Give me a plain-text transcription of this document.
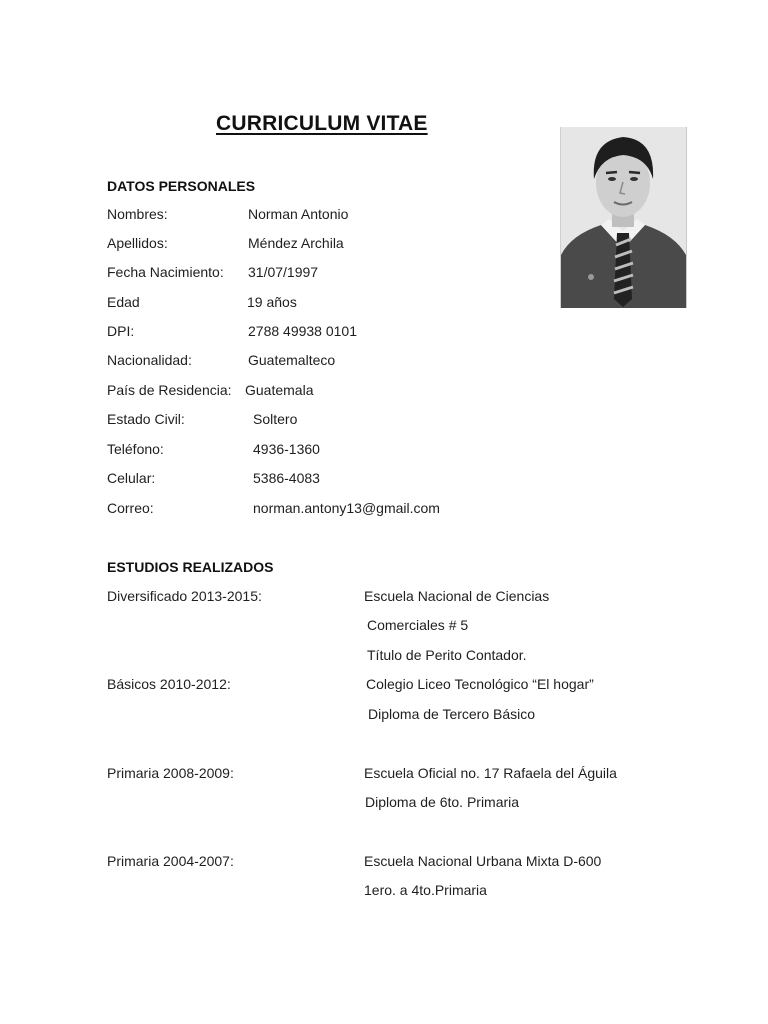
CURRICULUM VITAE
DATOS PERSONALES
Nombres:	Norman Antonio
Apellidos:	Méndez Archila
Fecha Nacimiento: 31/07/1997
Edad	19 años
DPI:	2788 49938 0101
Nacionalidad:	Guatemalteco
País de Residencia: Guatemala
Estado Civil:	Soltero
Teléfono:	4936-1360
Celular:	5386-4083
Correo:	norman.antony13@gmail.com
ESTUDIOS REALIZADOS
Diversificado 2013-2015:	Escuela Nacional de Ciencias
Comerciales # 5
Título de Perito Contador.
Básicos 2010-2012:	Colegio Liceo Tecnológico “El hogar”
Diploma de Tercero Básico
Primaria 2008-2009:	Escuela Oficial no. 17 Rafaela del Águila
Diploma de 6to. Primaria
Primaria 2004-2007:	Escuela Nacional Urbana Mixta D-600
1ero. a 4to.Primaria
